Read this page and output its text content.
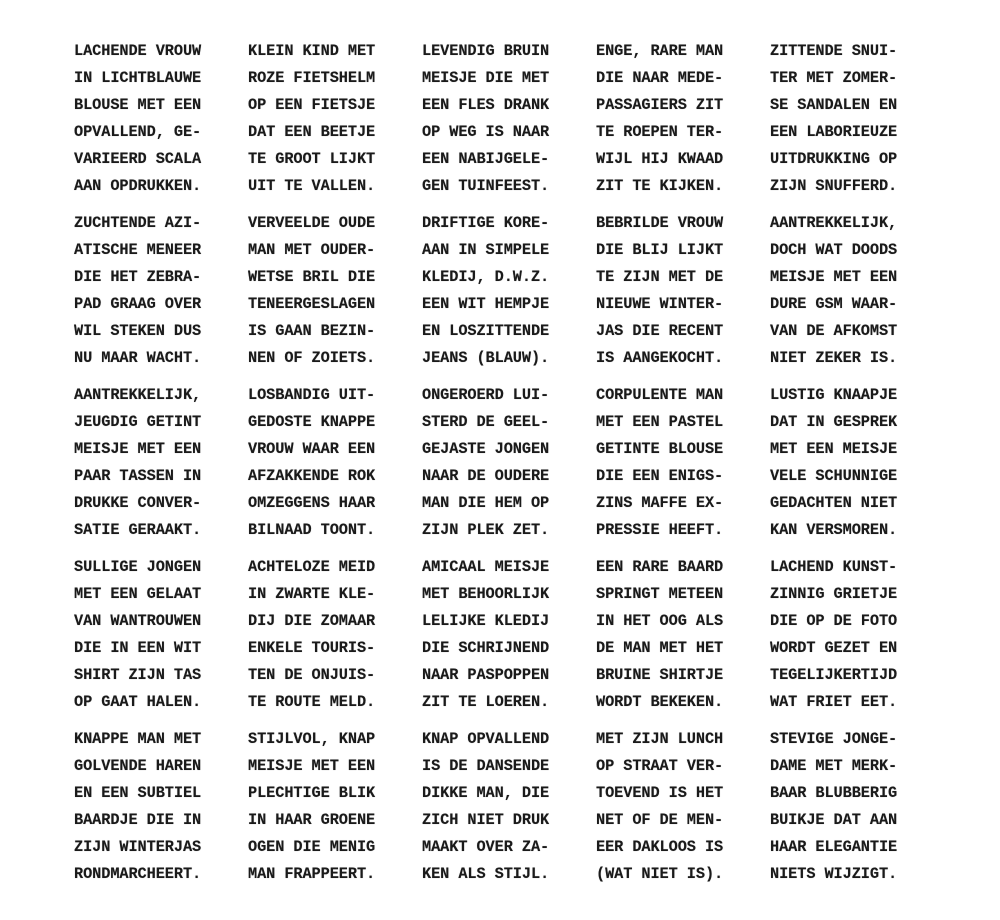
LACHENDE VROUW
IN LICHTBLAUWE
BLOUSE MET EEN
OPVALLEND, GE-
VARIEERD SCALA
AAN OPDRUKKEN.
KLEIN KIND MET
ROZE FIETSHELM
OP EEN FIETSJE
DAT EEN BEETJE
TE GROOT LIJKT
UIT TE VALLEN.
LEVENDIG BRUIN
MEISJE DIE MET
EEN FLES DRANK
OP WEG IS NAAR
EEN NABIJGELE-
GEN TUINFEEST.
ENGE, RARE MAN
DIE NAAR MEDE-
PASSAGIERS ZIT
TE ROEPEN TER-
WIJL HIJ KWAAD
ZIT TE KIJKEN.
ZITTENDE SNUI-
TER MET ZOMER-
SE SANDALEN EN
EEN LABORIEUZE
UITDRUKKING OP
ZIJN SNUFFERD.
ZUCHTENDE AZI-
ATISCHE MENEER
DIE HET ZEBRA-
PAD GRAAG OVER
WIL STEKEN DUS
NU MAAR WACHT.
VERVEELDE OUDE
MAN MET OUDER-
WETSE BRIL DIE
TENEERGESLAGEN
IS GAAN BEZIN-
NEN OF ZOIETS.
DRIFTIGE KORE-
AAN IN SIMPELE
KLEDIJ, D.W.Z.
EEN WIT HEMPJE
EN LOSZITTENDE
JEANS (BLAUW).
BEBRILDE VROUW
DIE BLIJ LIJKT
TE ZIJN MET DE
NIEUWE WINTER-
JAS DIE RECENT
IS AANGEKOCHT.
AANTREKKELIJK,
DOCH WAT DOODS
MEISJE MET EEN
DURE GSM WAAR-
VAN DE AFKOMST
NIET ZEKER IS.
AANTREKKELIJK,
JEUGDIG GETINT
MEISJE MET EEN
PAAR TASSEN IN
DRUKKE CONVER-
SATIE GERAAKT.
LOSBANDIG UIT-
GEDOSTE KNAPPE
VROUW WAAR EEN
AFZAKKENDE ROK
OMZEGGENS HAAR
BILNAAD TOONT.
ONGEROERD LUI-
STERD DE GEEL-
GEJASTE JONGEN
NAAR DE OUDERE
MAN DIE HEM OP
ZIJN PLEK ZET.
CORPULENTE MAN
MET EEN PASTEL
GETINTE BLOUSE
DIE EEN ENIGS-
ZINS MAFFE EX-
PRESSIE HEEFT.
LUSTIG KNAAPJE
DAT IN GESPREK
MET EEN MEISJE
VELE SCHUNNIGE
GEDACHTEN NIET
KAN VERSMOREN.
SULLIGE JONGEN
MET EEN GELAAT
VAN WANTROUWEN
DIE IN EEN WIT
SHIRT ZIJN TAS
OP GAAT HALEN.
ACHTELOZE MEID
IN ZWARTE KLE-
DIJ DIE ZOMAAR
ENKELE TOURIS-
TEN DE ONJUIS-
TE ROUTE MELD.
AMICAAL MEISJE
MET BEHOORLIJK
LELIJKE KLEDIJ
DIE SCHRIJNEND
NAAR PASPOPPEN
ZIT TE LOEREN.
EEN RARE BAARD
SPRINGT METEEN
IN HET OOG ALS
DE MAN MET HET
BRUINE SHIRTJE
WORDT BEKEKEN.
LACHEND KUNST-
ZINNIG GRIETJE
DIE OP DE FOTO
WORDT GEZET EN
TEGELIJKERTIJD
WAT FRIET EET.
KNAPPE MAN MET
GOLVENDE HAREN
EN EEN SUBTIEL
BAARDJE DIE IN
ZIJN WINTERJAS
RONDMARCHEERT.
STIJLVOL, KNAP
MEISJE MET EEN
PLECHTIGE BLIK
IN HAAR GROENE
OGEN DIE MENIG
MAN FRAPPEERT.
KNAP OPVALLEND
IS DE DANSENDE
DIKKE MAN, DIE
ZICH NIET DRUK
MAAKT OVER ZA-
KEN ALS STIJL.
MET ZIJN LUNCH
OP STRAAT VER-
TOEVEND IS HET
NET OF DE MEN-
EER DAKLOOS IS
(WAT NIET IS).
STEVIGE JONGE-
DAME MET MERK-
BAAR BLUBBERIG
BUIKJE DAT AAN
HAAR ELEGANTIE
NIETS WIJZIGT.
